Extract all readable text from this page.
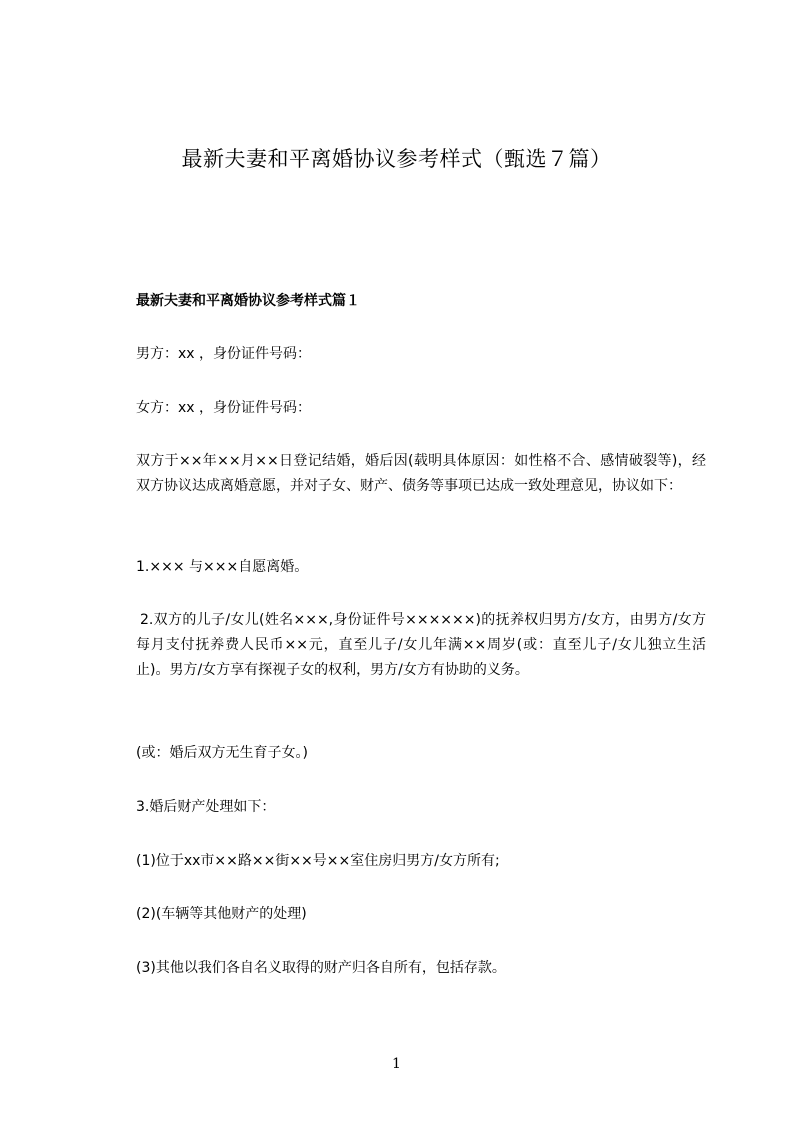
最新夫妻和平离婚协议参考样式（甄选７篇）
最新夫妻和平离婚协议参考样式篇１
男方：xx ，身份证件号码：
女方：xx ，身份证件号码：
双方于××年××月××日登记结婚，婚后因(载明具体原因：如性格不合、感情破裂等)，经双方协议达成离婚意愿，并对子女、财产、债务等事项已达成一致处理意见，协议如下：
1.××× 与×××自愿离婚。
2.双方的儿子/女儿(姓名×××,身份证件号××××××)的抚养权归男方/女方，由男方/女方每月支付抚养费人民币××元，直至儿子/女儿年满××周岁(或：直至儿子/女儿独立生活止)。男方/女方享有探视子女的权利，男方/女方有协助的义务。
(或：婚后双方无生育子女。)
3.婚后财产处理如下：
(1)位于xx市××路××街××号××室住房归男方/女方所有;
(2)(车辆等其他财产的处理)
(3)其他以我们各自名义取得的财产归各自所有，包括存款。
1
